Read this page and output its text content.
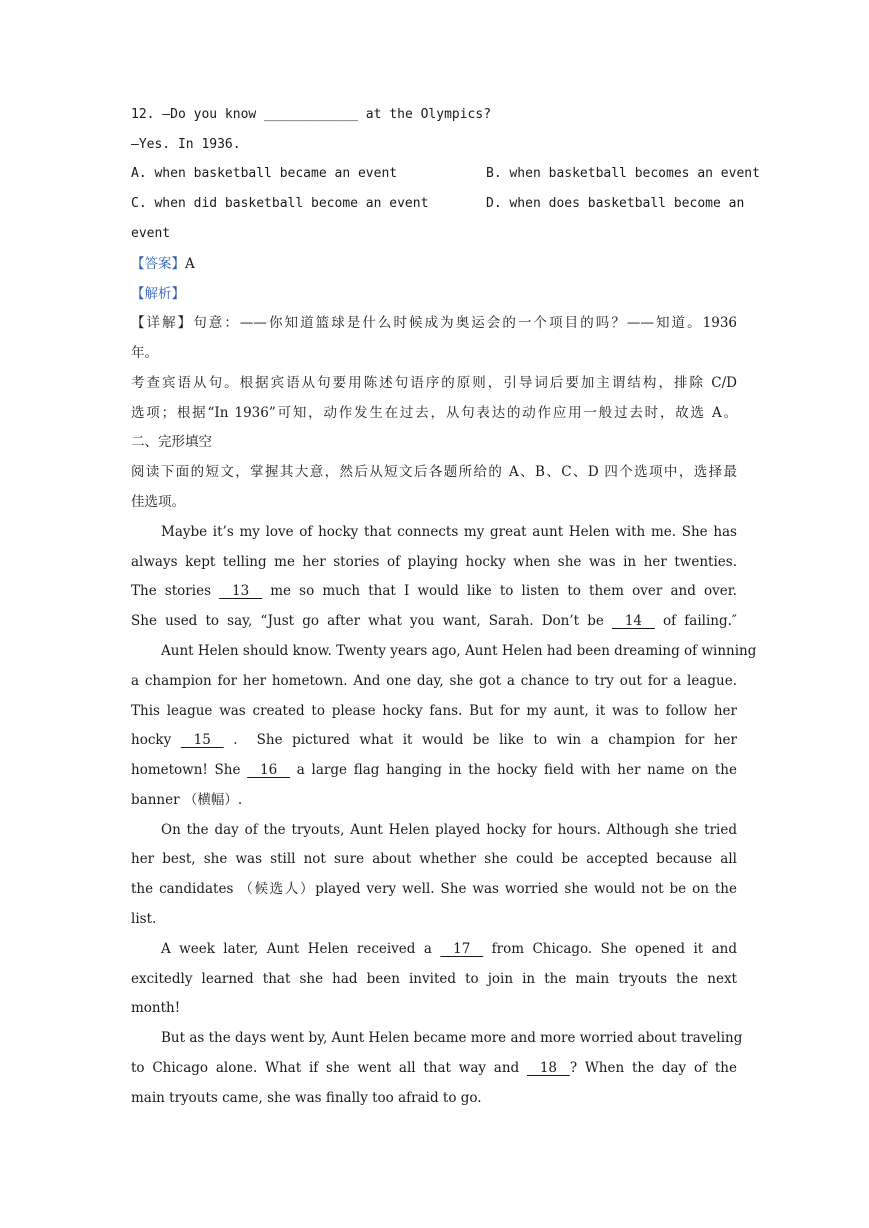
12. —Do you know ____________ at the Olympics?
—Yes. In 1936.
A. when basketball became an event	B. when basketball becomes an event
C. when did basketball become an event	D. when does basketball become an
event
【答案】A
【解析】
【详解】句意：——你知道篮球是什么时候成为奥运会的一个项目的吗？——知道。1936
年。
考查宾语从句。根据宾语从句要用陈述句语序的原则，引导词后要加主谓结构，排除 C/D
选项；根据“In 1936”可知，动作发生在过去，从句表达的动作应用一般过去时，故选 A。
二、完形填空
阅读下面的短文，掌握其大意，然后从短文后各题所给的 A、B、C、D 四个选项中，选择最
佳选项。
Maybe it’s my love of hocky that connects my great aunt Helen with me. She has
always kept telling me her stories of playing hocky when she was in her twenties.
The stories    13    me so much that I would like to listen to them over and over.
She used to say, “Just go after what you want, Sarah. Don’t be    14    of failing.″
Aunt Helen should know. Twenty years ago, Aunt Helen had been dreaming of winning
a champion for her hometown. And one day, she got a chance to try out for a league.
This league was created to please hocky fans. But for my aunt, it was to follow her
hocky    15    .  She pictured what it would be like to win a champion for her
hometown! She    16    a large flag hanging in the hocky field with her name on the
banner （横幅）.
On the day of the tryouts, Aunt Helen played hocky for hours. Although she tried
her best, she was still not sure about whether she could be accepted because all
the candidates （候选人）played very well. She was worried she would not be on the
list.
A week later, Aunt Helen received a    17    from Chicago. She opened it and
excitedly learned that she had been invited to join in the main tryouts the next
month!
But as the days went by, Aunt Helen became more and more worried about traveling
to Chicago alone. What if she went all that way and    18   ? When the day of the
main tryouts came, she was finally too afraid to go.
